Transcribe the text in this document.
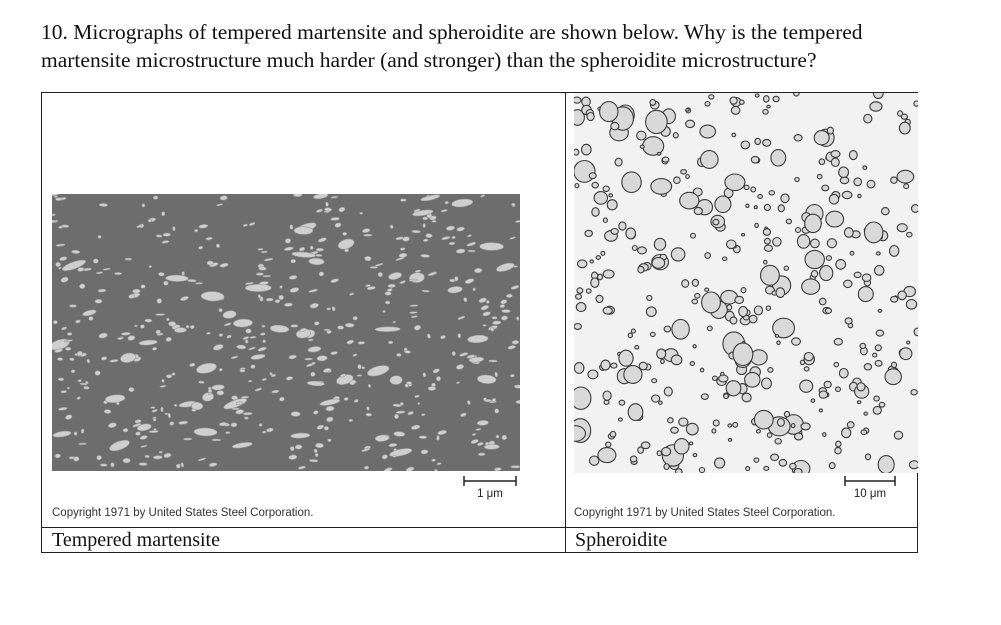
10. Micrographs of tempered martensite and spheroidite are shown below. Why is the tempered martensite microstructure much harder (and stronger) than the spheroidite microstructure?
1 μm	10 μm
Copyright 1971 by United States Steel Corporation.	Copyright 1971 by United States Steel Corporation.
Tempered martensite	Spheroidite
